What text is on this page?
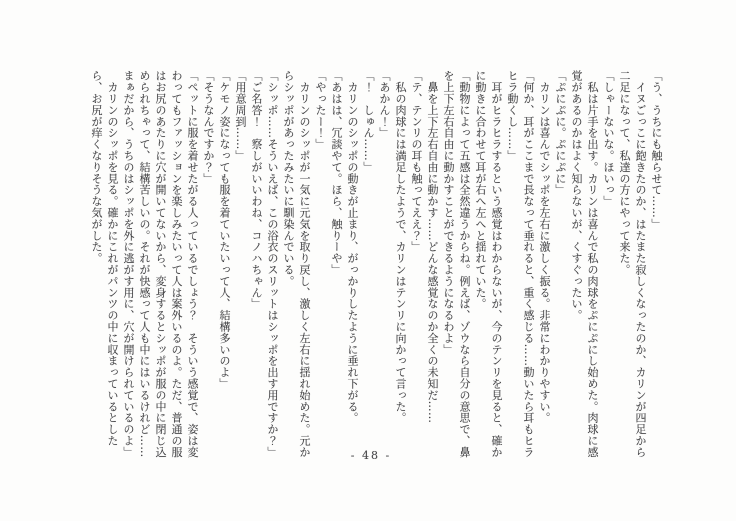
「う、うちにも触らせて……」

　イヌごっこに飽きたのか、はたまた寂しくなったのか、カリンが四足から二足になって、私達の方にやって来た。

「しゃーないな。ほいっ」

　私は片手を出す。カリンは喜んで私の肉球をぷにぷにし始めた。肉球に感覚があるのかはよく知らないが、くすぐったい。

「ぷにぷに。ぷにぷに」

　カリンは喜んでシッポを左右に激しく振る。非常にわかりやすい。

「何か、耳がここまで長なって垂れると、重く感じる……動いたら耳もヒラヒラ動くし……」

　耳がヒラヒラするという感覚はわからないが、今のテンリを見ると、確かに動きに合わせて耳が右へ左へと揺れていた。

「動物によって五感は全然違うからね。例えば、ゾウなら自分の意思で、鼻を上下左右自由に動かすことができるようになるわよ」

　鼻を上下左右自由に動かす……どんな感覚なのか全くの未知だ……

「テ、テンリの耳も触ってええ？」

　私の肉球には満足したようで、カリンはテンリに向かって言った。

「あかん！」

「！　しゅん……」

　カリンのシッポの動きが止まり、がっかりしたように垂れ下がる。

「あはは、冗談やて。ほら、触りーや」

「やったー！」

　カリンのシッポが一気に元気を取り戻し、激しく左右に揺れ始めた。元からシッポがあったみたいに馴染んでいる。

「シッポ……そういえば、この浴衣のスリットはシッポを出す用ですか？」

「ご名答！　察しがいいわね、コノハちゃん」

「用意周到……」

「ケモノ姿になっても服を着ていたいって人、結構多いのよ」

「そうなんですか？」

「ペットに服を着せたがる人っているでしょう？　そういう感覚で、姿は変わってもファッションを楽しみたいって人は案外いるのよ。ただ、普通の服はお尻のあたりに穴が開いてないから、変身するとシッポが服の中に閉じ込められちゃって、結構苦しいの。それが快感って人も中にはいるけれど……まぁだから、うちのはシッポを外に逃がす用に、穴が開けられているのよ」

　カリンのシッポを見る。確かにこれがパンツの中に収まっているとしたら、お尻が痒くなりそうな気がした。

- 48 -
